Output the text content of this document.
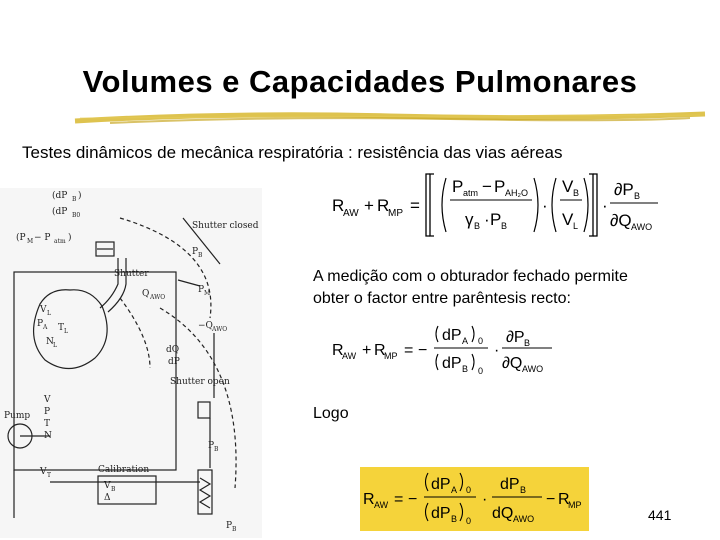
Volumes e Capacidades Pulmonares
Testes dinâmicos de mecânica respiratória : resistência das vias aéreas
R
AW + R
MP =
P atm − P AH₂O
γ B · P B
·
V B
V L
·
∂P B
∂Q AWO
A medição com o obturador fechado permite
obter o factor entre parêntesis recto:
R
AW + R
MP = −
dP A 0
dP B 0
·
∂P B
∂Q AWO
Logo
R AW = −
dP A 0
dP B 0
·
dP B
dQ AWO
− R
MP
441
(dP B )
(dP B0
(P M − P atm )
Shutter closed
P B
Shutter
V L
P A T L
N L
P M
Q AWO
−Q AWO
dQ
dP
Shutter open
V
P
T
N
Pump
Calibration
V T
V B
Δ
P B
P B
